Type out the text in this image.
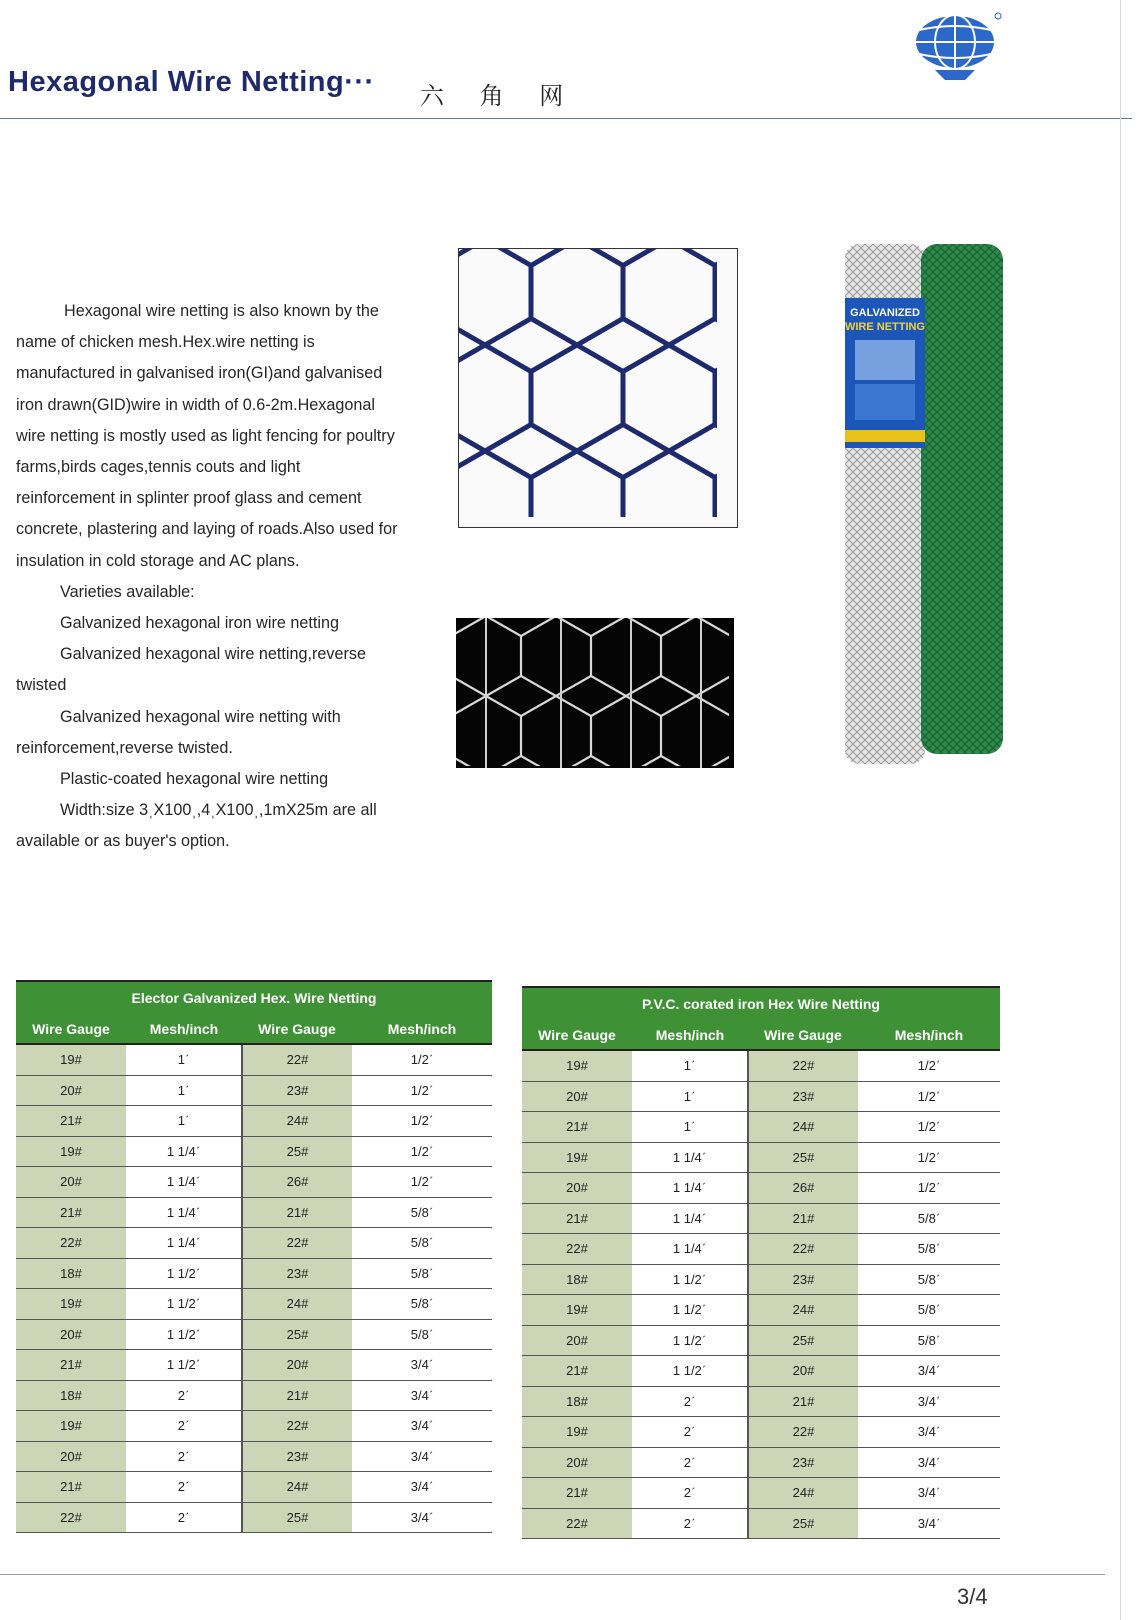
Hexagonal Wire Netting··· 六 角 网

Hexagonal wire netting is also known by the name of chicken mesh.Hex.wire netting is manufactured in galvanised iron(GI)and galvanised iron drawn(GID)wire in width of 0.6-2m.Hexagonal wire netting is mostly used as light fencing for poultry farms,birds cages,tennis couts and light reinforcement in splinter proof glass and cement concrete, plastering and laying of roads.Also used for insulation in cold storage and AC plans.

Varieties available:

Galvanized hexagonal iron wire netting

Galvanized hexagonal wire netting,reverse twisted

Galvanized hexagonal wire netting with reinforcement,reverse twisted.

Plastic-coated hexagonal wire netting

Width:size 3ˌX100ˌ,4ˌX100ˌ,1mX25m are all available or as buyer's option.

GALVANIZED
WIRE NETTING
Elector Galvanized Hex. Wire Netting			
Wire Gauge	Mesh/inch	Wire Gauge	Mesh/inch
19#	1ˊ	22#	1/2ˊ
20#	1ˊ	23#	1/2ˊ
21#	1ˊ	24#	1/2ˊ
19#	1 1/4ˊ	25#	1/2ˊ
20#	1 1/4ˊ	26#	1/2ˊ
21#	1 1/4ˊ	21#	5/8ˊ
22#	1 1/4ˊ	22#	5/8ˊ
18#	1 1/2ˊ	23#	5/8ˊ
19#	1 1/2ˊ	24#	5/8ˊ
20#	1 1/2ˊ	25#	5/8ˊ
21#	1 1/2ˊ	20#	3/4ˊ
18#	2ˊ	21#	3/4ˊ
19#	2ˊ	22#	3/4ˊ
20#	2ˊ	23#	3/4ˊ
21#	2ˊ	24#	3/4ˊ
22#	2ˊ	25#	3/4ˊ
P.V.C. corated iron Hex Wire Netting			
Wire Gauge	Mesh/inch	Wire Gauge	Mesh/inch
19#	1ˊ	22#	1/2ˊ
20#	1ˊ	23#	1/2ˊ
21#	1ˊ	24#	1/2ˊ
19#	1 1/4ˊ	25#	1/2ˊ
20#	1 1/4ˊ	26#	1/2ˊ
21#	1 1/4ˊ	21#	5/8ˊ
22#	1 1/4ˊ	22#	5/8ˊ
18#	1 1/2ˊ	23#	5/8ˊ
19#	1 1/2ˊ	24#	5/8ˊ
20#	1 1/2ˊ	25#	5/8ˊ
21#	1 1/2ˊ	20#	3/4ˊ
18#	2ˊ	21#	3/4ˊ
19#	2ˊ	22#	3/4ˊ
20#	2ˊ	23#	3/4ˊ
21#	2ˊ	24#	3/4ˊ
22#	2ˊ	25#	3/4ˊ
3/4
